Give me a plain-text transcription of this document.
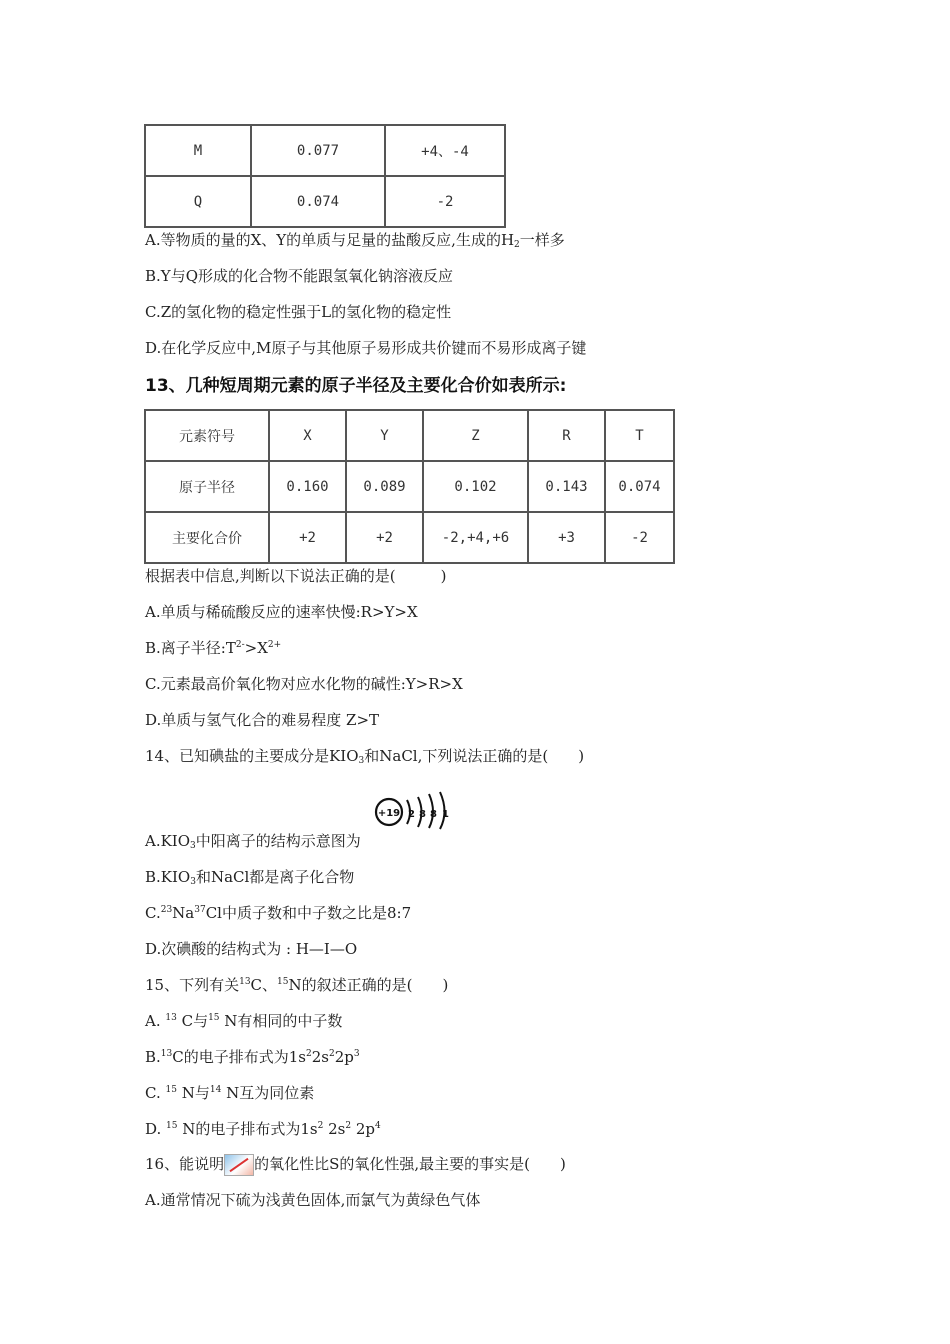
M	0.077	+4、-4
Q	0.074	-2
A.等物质的量的X、Y的单质与足量的盐酸反应,生成的$H_2$一样多
B.Y与Q形成的化合物不能跟氢氧化钠溶液反应
C.Z的氢化物的稳定性强于L的氢化物的稳定性
D.在化学反应中,M原子与其他原子易形成共价键而不易形成离子键
13、几种短周期元素的原子半径及主要化合价如表所示:
元素符号	X	Y	Z	R	T
原子半径	0.160	0.089	0.102	0.143	0.074
主要化合价	+2	+2	-2,+4,+6	+3	-2
根据表中信息,判断以下说法正确的是(　　　)
A.单质与稀硫酸反应的速率快慢:R>Y>X
B.离子半径$:T^{2-}>X^{2+}$
C.元素最高价氧化物对应水化物的碱性:Y>R>X
D.单质与氢气化合的难易程度 Z>T
14、已知碘盐的主要成分是$KIO_3$和NaCl,下列说法正确的是(　　)
+19 2 8 8 1
$A.KIO_3$中阳离子的结构示意图为
$B.KIO_3$和NaCl都是离子化合物
C.$^{23}$Na$^{37}$Cl中质子数和中子数之比是8:7
D.次碘酸的结构式为 : H—I—O
15、下列有关$^{13}$C、$^{15}$N的叙述正确的是(　　)
A. $^{13}$ C与$^{15}$ N有相同的中子数
B.$^{13}$C的电子排布式为$1s^22s^22p^3$
C. $^{15}$ N与$^{14}$ N互为同位素
D. $^{15}$ N的电子排布式为$1s^2$ $2s^2$ $2p^4$
16、能说明 的氧化性比S的氧化性强,最主要的事实是(　　)
A.通常情况下硫为浅黄色固体,而氯气为黄绿色气体
